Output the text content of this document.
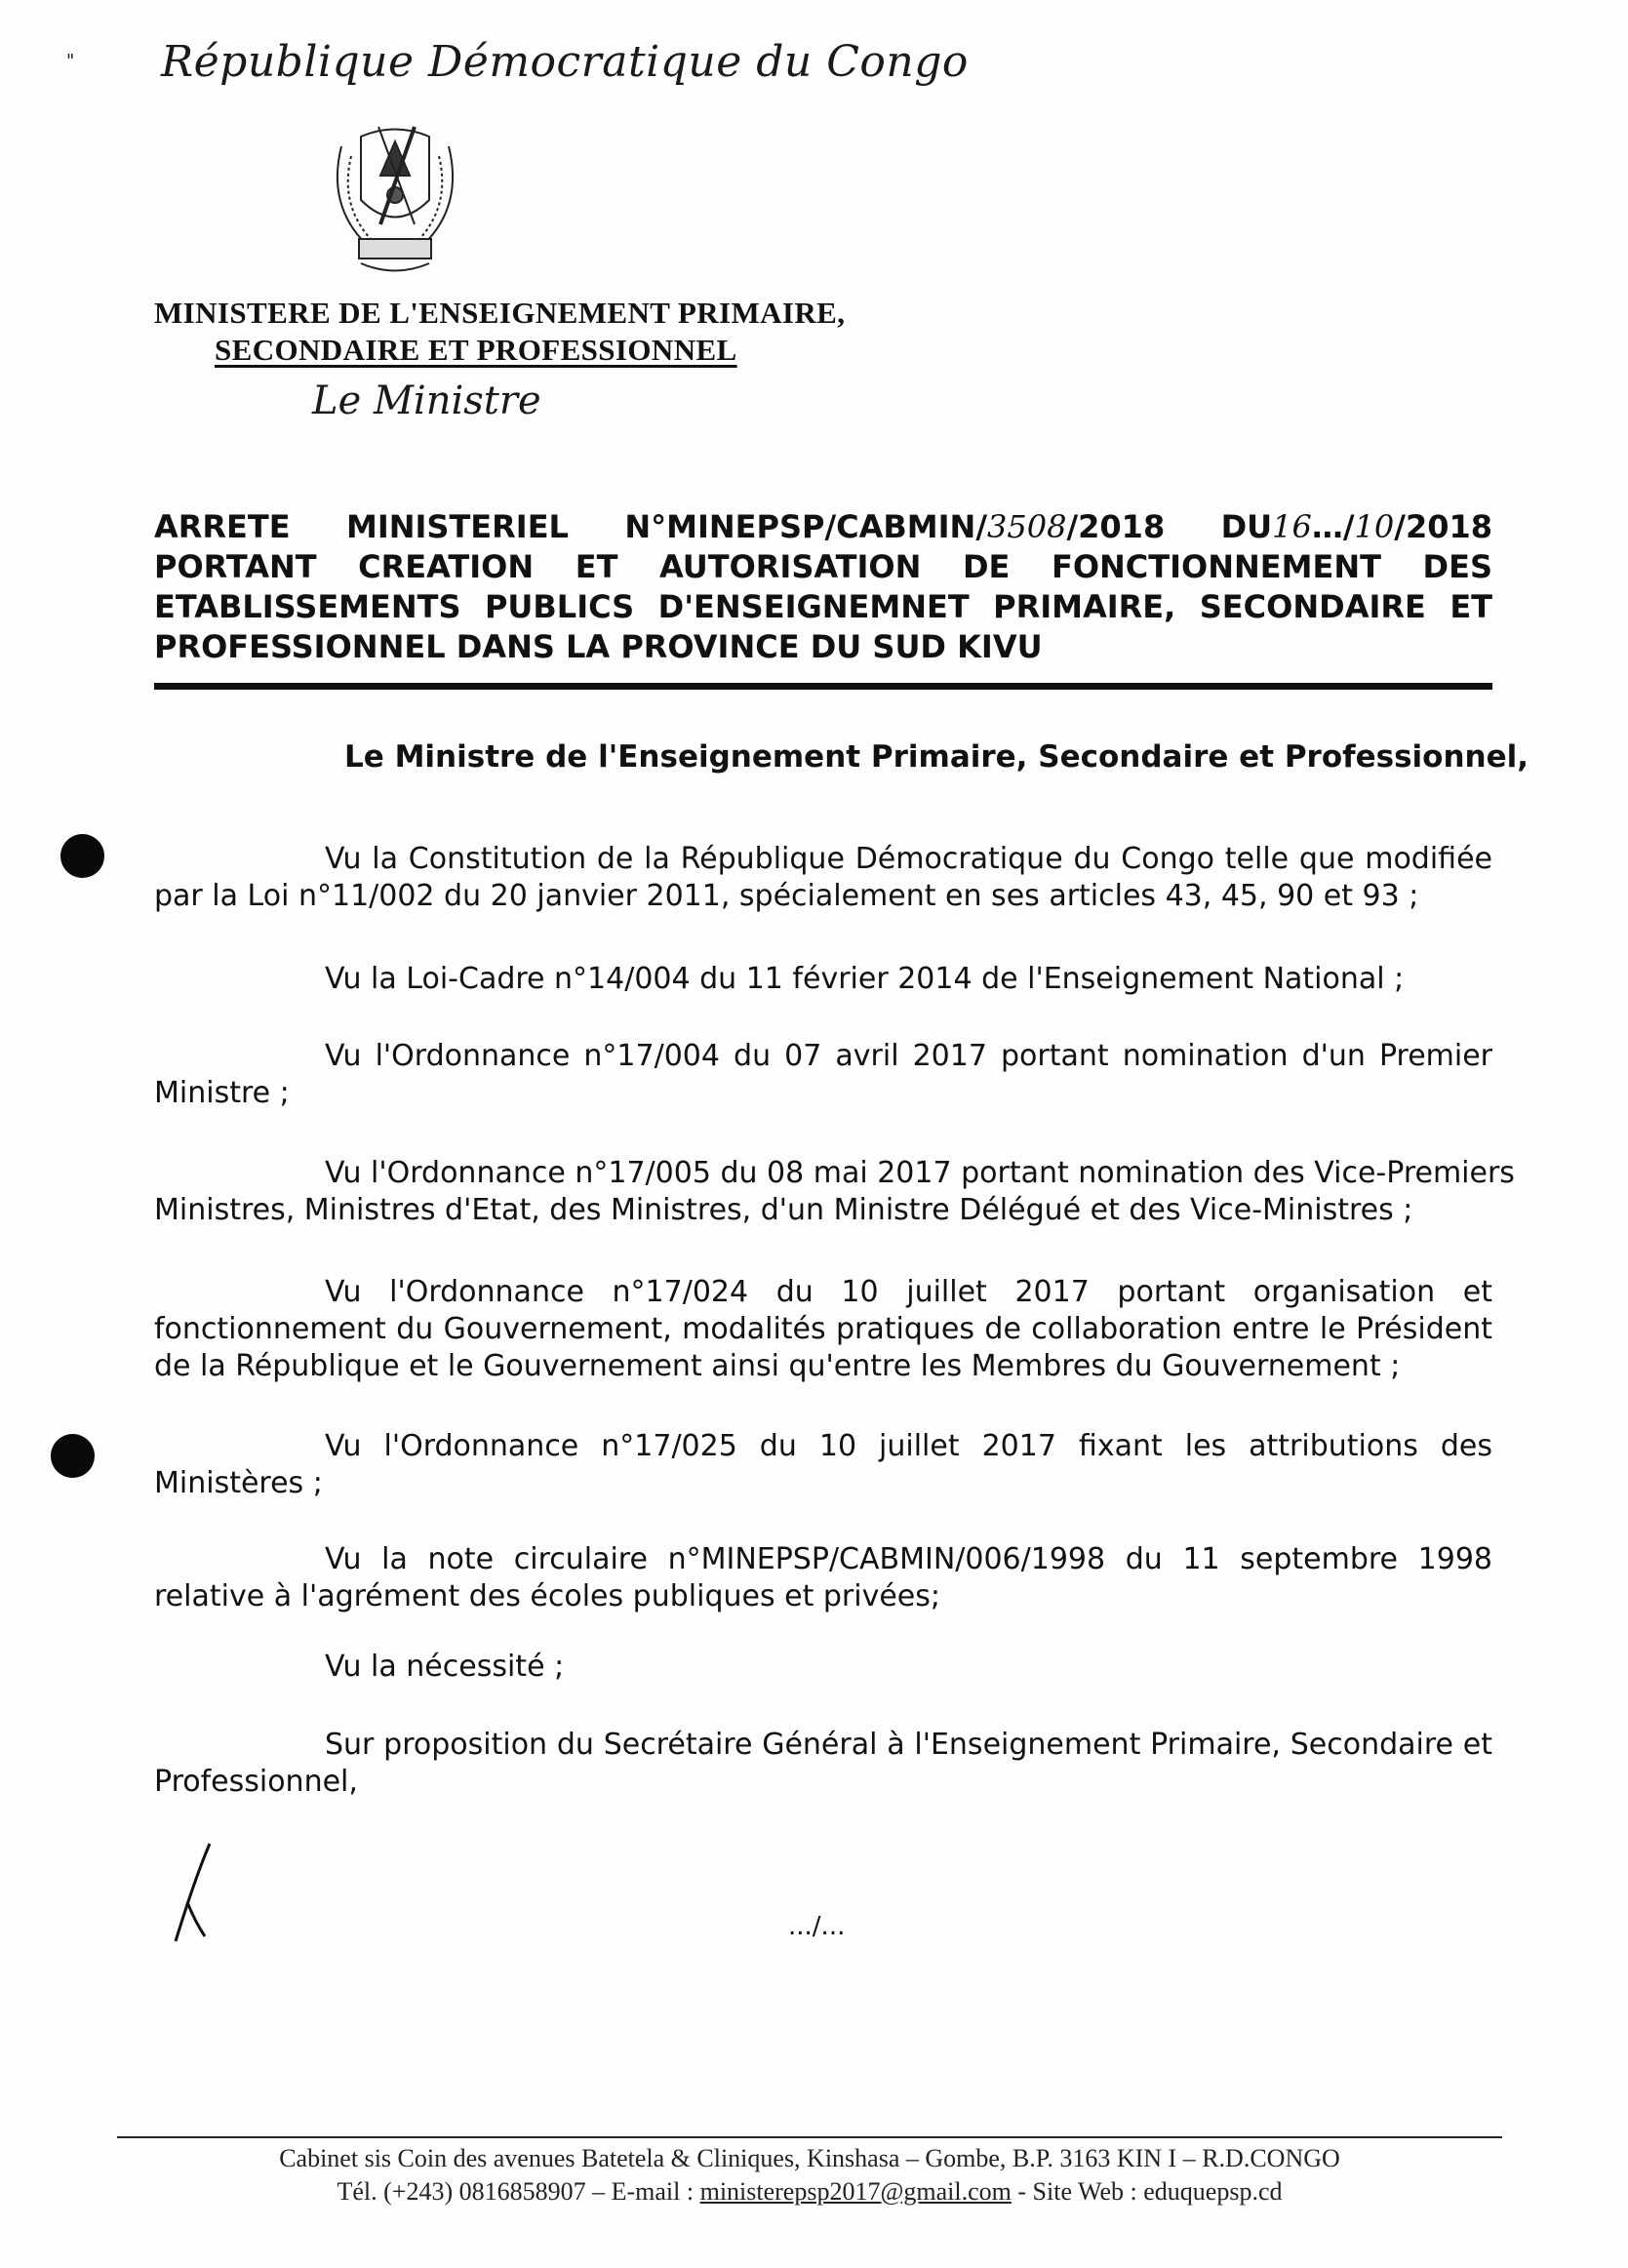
" République Démocratique du Congo
MINISTERE DE L'ENSEIGNEMENT PRIMAIRE,
SECONDAIRE ET PROFESSIONNEL
Le Ministre
ARRETE MINISTERIEL N°MINEPSP/CABMIN/3508/2018 DU16…/10/2018
PORTANT CREATION ET AUTORISATION DE FONCTIONNEMENT DES
ETABLISSEMENTS PUBLICS D'ENSEIGNEMNET PRIMAIRE, SECONDAIRE ET
PROFESSIONNEL DANS LA PROVINCE DU SUD KIVU
Le Ministre de l'Enseignement Primaire, Secondaire et Professionnel,
Vu la Constitution de la République Démocratique du Congo telle que modifiée
par la Loi n°11/002 du 20 janvier 2011, spécialement en ses articles 43, 45, 90 et 93 ;
Vu la Loi-Cadre n°14/004 du 11 février 2014 de l'Enseignement National ;
Vu l'Ordonnance n°17/004 du 07 avril 2017 portant nomination d'un Premier
Ministre ;
Vu l'Ordonnance n°17/005 du 08 mai 2017 portant nomination des Vice-Premiers
Ministres, Ministres d'Etat, des Ministres, d'un Ministre Délégué et des Vice-Ministres ;
Vu l'Ordonnance n°17/024 du 10 juillet 2017 portant organisation et
fonctionnement du Gouvernement, modalités pratiques de collaboration entre le Président
de la République et le Gouvernement ainsi qu'entre les Membres du Gouvernement ;
Vu l'Ordonnance n°17/025 du 10 juillet 2017 fixant les attributions des
Ministères ;
Vu la note circulaire n°MINEPSP/CABMIN/006/1998 du 11 septembre 1998
relative à l'agrément des écoles publiques et privées;
Vu la nécessité ;
Sur proposition du Secrétaire Général à l'Enseignement Primaire, Secondaire et
Professionnel,
.../...
Cabinet sis Coin des avenues Batetela & Cliniques, Kinshasa – Gombe, B.P. 3163 KIN I – R.D.CONGO
Tél. (+243) 0816858907 – E-mail : ministerepsp2017@gmail.com - Site Web : eduquepsp.cd
